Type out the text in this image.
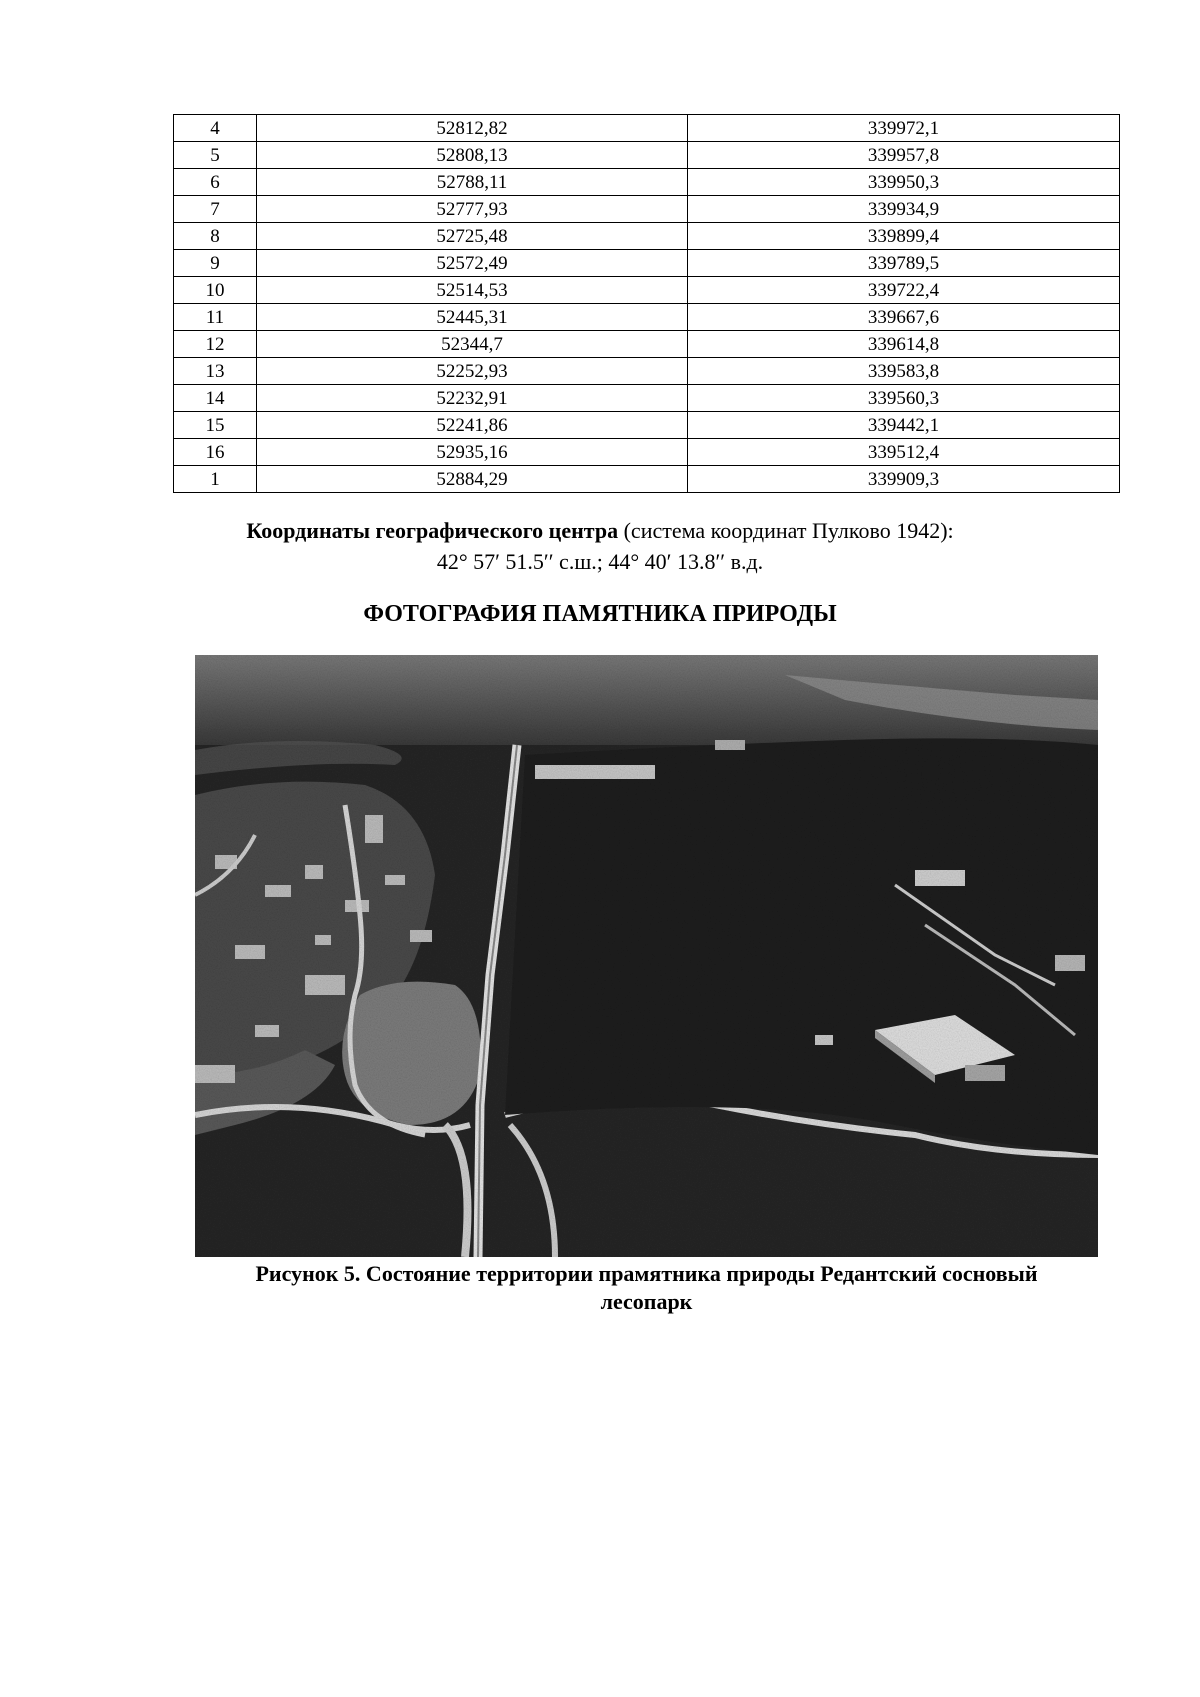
4	52812,82	339972,1
5	52808,13	339957,8
6	52788,11	339950,3
7	52777,93	339934,9
8	52725,48	339899,4
9	52572,49	339789,5
10	52514,53	339722,4
11	52445,31	339667,6
12	52344,7	339614,8
13	52252,93	339583,8
14	52232,91	339560,3
15	52241,86	339442,1
16	52935,16	339512,4
1	52884,29	339909,3
Координаты географического центра (система координат Пулково 1942):
42° 57′ 51.5′′ с.ш.; 44° 40′ 13.8′′ в.д.
ФОТОГРАФИЯ ПАМЯТНИКА ПРИРОДЫ
Рисунок 5. Состояние территории прамятника природы Редантский сосновый
лесопарк
